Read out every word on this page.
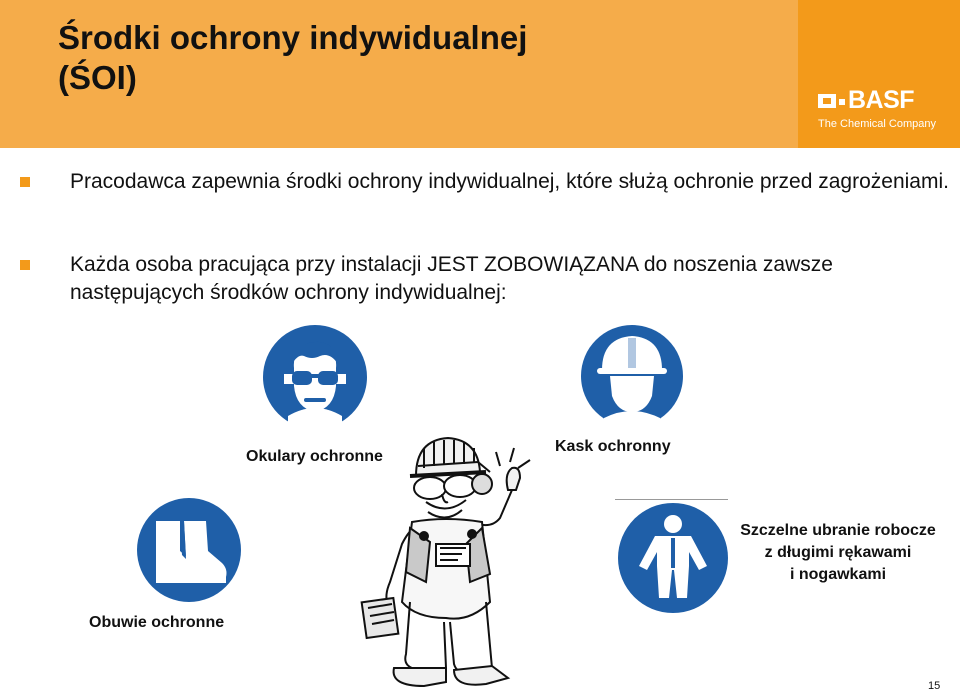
Środki ochrony indywidualnej
(ŚOI)
BASF
The Chemical Company
Pracodawca zapewnia środki ochrony indywidualnej, które służą ochronie przed zagrożeniami.
Każda osoba pracująca przy instalacji JEST ZOBOWIĄZANA do noszenia zawsze następujących środków ochrony indywidualnej:
Okulary ochronne
Kask ochronny
Szczelne ubranie robocze
z długimi rękawami
i nogawkami
Obuwie ochronne
15
